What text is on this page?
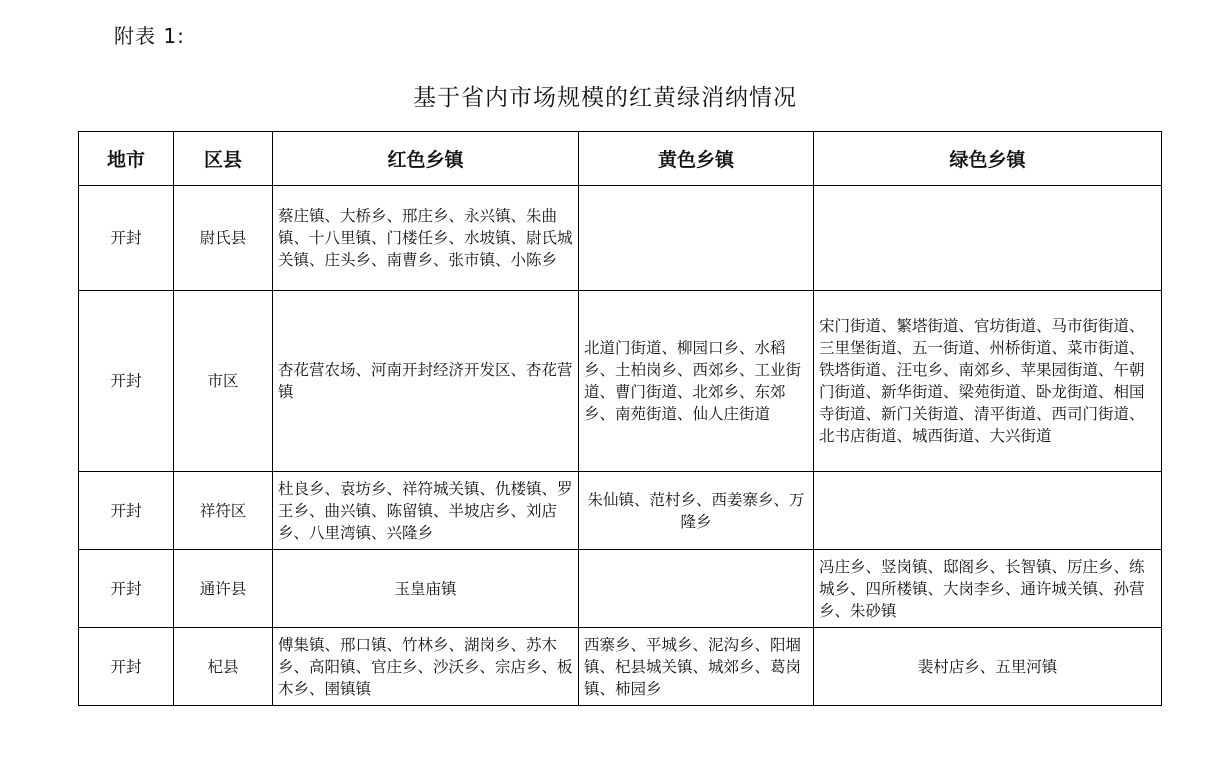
附表 1:
基于省内市场规模的红黄绿消纳情况
地市	区县	红色乡镇	黄色乡镇	绿色乡镇
开封	尉氏县	蔡庄镇、大桥乡、邢庄乡、永兴镇、朱曲镇、十八里镇、门楼任乡、水坡镇、尉氏城关镇、庄头乡、南曹乡、张市镇、小陈乡		
开封	市区	杏花营农场、河南开封经济开发区、杏花营镇	北道门街道、柳园口乡、水稻乡、土柏岗乡、西郊乡、工业街道、曹门街道、北郊乡、东郊乡、南苑街道、仙人庄街道	宋门街道、繁塔街道、官坊街道、马市街街道、三里堡街道、五一街道、州桥街道、菜市街道、铁塔街道、汪屯乡、南郊乡、苹果园街道、午朝门街道、新华街道、梁苑街道、卧龙街道、相国寺街道、新门关街道、清平街道、西司门街道、北书店街道、城西街道、大兴街道
开封	祥符区	杜良乡、袁坊乡、祥符城关镇、仇楼镇、罗王乡、曲兴镇、陈留镇、半坡店乡、刘店乡、八里湾镇、兴隆乡	朱仙镇、范村乡、西姜寨乡、万隆乡	
开封	通许县	玉皇庙镇		冯庄乡、竖岗镇、邸阁乡、长智镇、厉庄乡、练城乡、四所楼镇、大岗李乡、通许城关镇、孙营乡、朱砂镇
开封	杞县	傅集镇、邢口镇、竹林乡、湖岗乡、苏木乡、高阳镇、官庄乡、沙沃乡、宗店乡、板木乡、圉镇镇	西寨乡、平城乡、泥沟乡、阳堌镇、杞县城关镇、城郊乡、葛岗镇、柿园乡	裴村店乡、五里河镇
